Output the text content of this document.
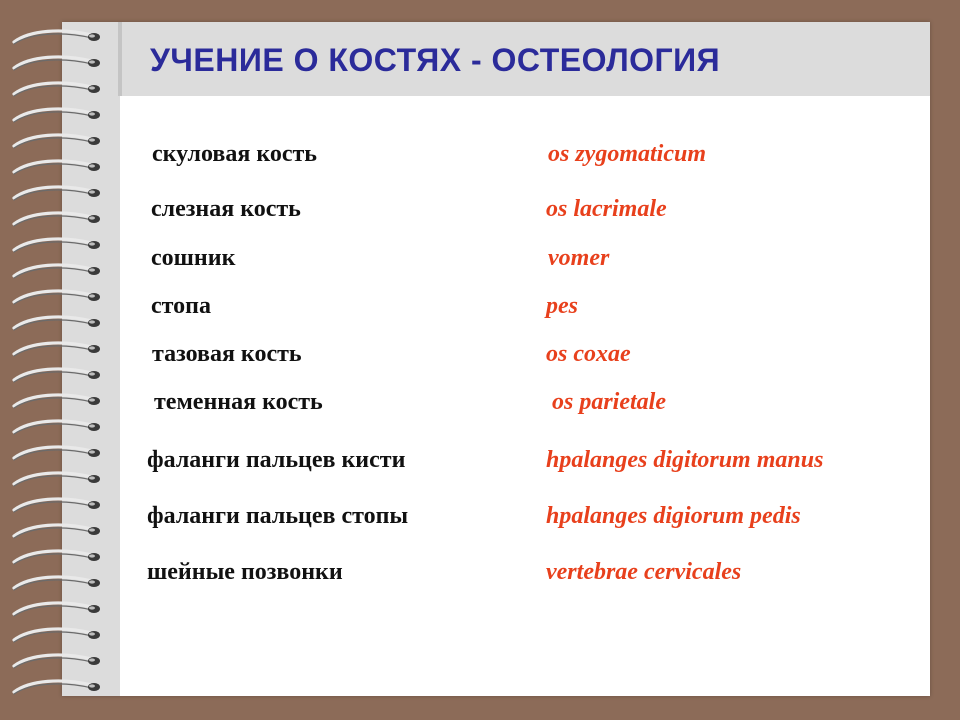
УЧЕНИЕ О КОСТЯХ - ОСТЕОЛОГИЯ
скуловая кость	os zygomaticum
слезная кость	os lacrimale
сошник	vomer
стопа	pes
тазовая кость	os coxae
теменная кость	os parietale
фаланги пальцев кисти	hpalanges digitorum manus
фаланги пальцев стопы	hpalanges digiorum pedis
шейные позвонки	vertebrae cervicales
